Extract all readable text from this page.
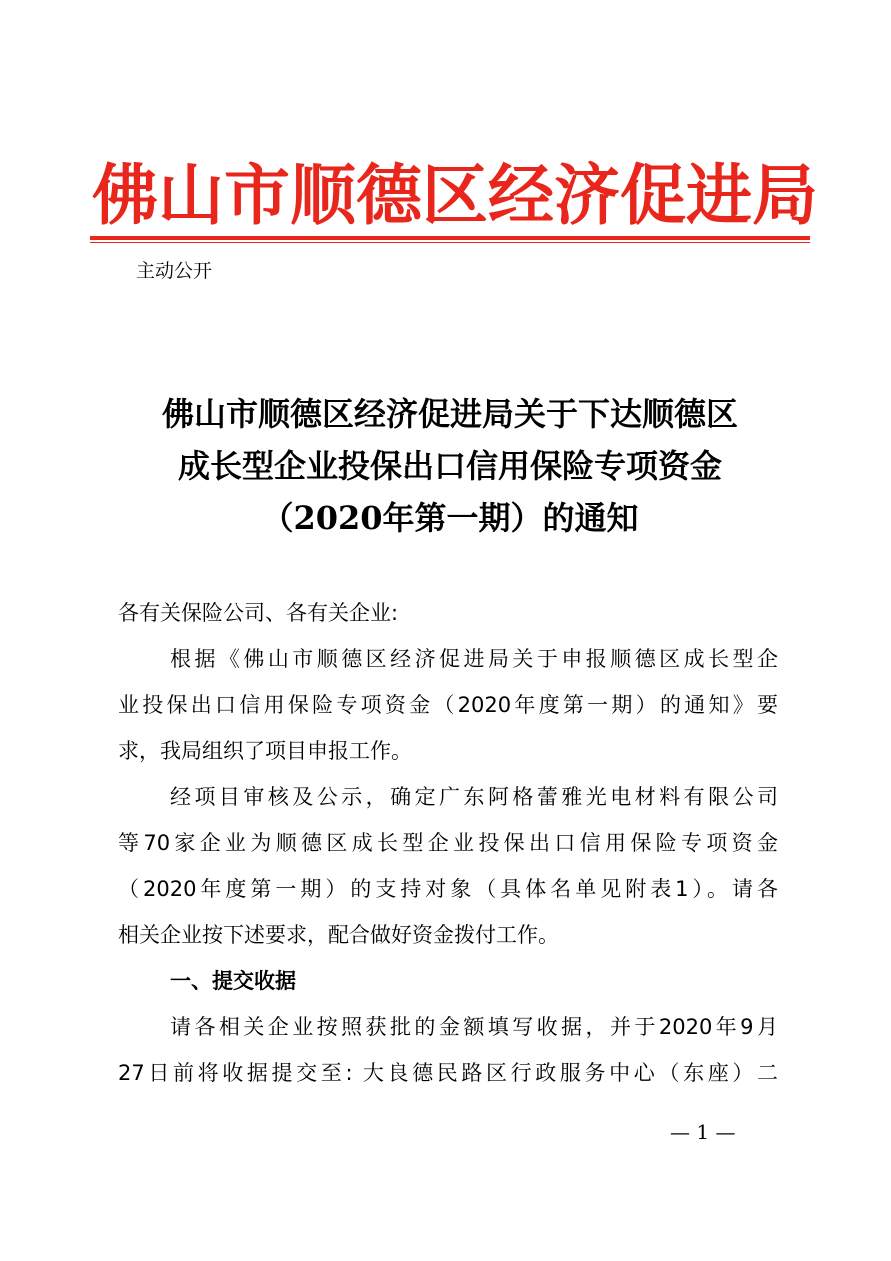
佛山市顺德区经济促进局
主动公开
佛山市顺德区经济促进局关于下达顺德区
成长型企业投保出口信用保险专项资金
（2020年第一期）的通知
各有关保险公司、各有关企业:
根据《佛山市顺德区经济促进局关于申报顺德区成长型企
业投保出口信用保险专项资金（2020年度第一期）的通知》要
求，我局组织了项目申报工作。
经项目审核及公示，确定广东阿格蕾雅光电材料有限公司
等70家企业为顺德区成长型企业投保出口信用保险专项资金
（2020年度第一期）的支持对象（具体名单见附表1）。请各
相关企业按下述要求，配合做好资金拨付工作。
一、提交收据
请各相关企业按照获批的金额填写收据，并于2020年9月
27日前将收据提交至: 大良德民路区行政服务中心（东座）二
— 1 —
